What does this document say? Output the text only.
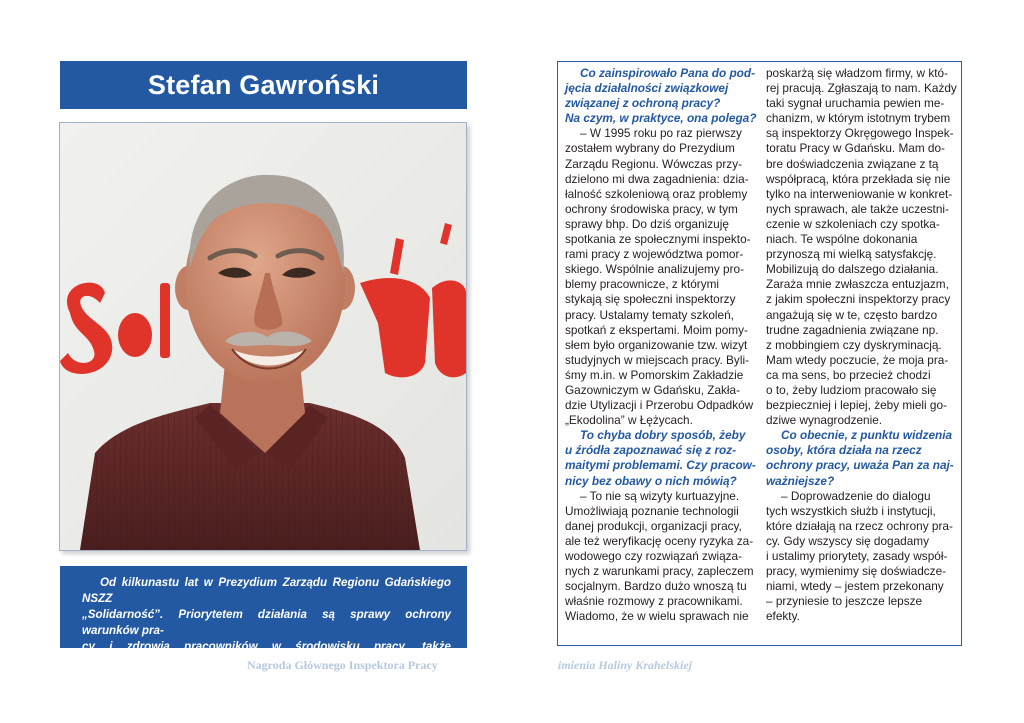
Stefan Gawroński

Od kilkunastu lat w Prezydium Zarządu Regionu Gdańskiego NSZZ
„Solidarność”. Priorytetem działania są sprawy ochrony warunków pra-
cy i zdrowia pracowników w środowisku pracy, także popularyzacja
przepisów prawa pracy i bezpieczeństwa pracy.

Nagroda Głównego Inspektora Pracy	imienia Haliny Krahelskiej
Co zainspirowało Pana do pod-
jęcia działalności związkowej
związanej z ochroną pracy?
Na czym, w praktyce, ona polega?
– W 1995 roku po raz pierwszy
zostałem wybrany do Prezydium
Zarządu Regionu. Wówczas przy-
dzielono mi dwa zagadnienia: dzia-
łalność szkoleniową oraz problemy
ochrony środowiska pracy, w tym
sprawy bhp. Do dziś organizuję
spotkania ze społecznymi inspekto-
rami pracy z województwa pomor-
skiego. Wspólnie analizujemy pro-
blemy pracownicze, z którymi
stykają się społeczni inspektorzy
pracy. Ustalamy tematy szkoleń,
spotkań z ekspertami. Moim pomy-
słem było organizowanie tzw. wizyt
studyjnych w miejscach pracy. Byli-
śmy m.in. w Pomorskim Zakładzie
Gazowniczym w Gdańsku, Zakła-
dzie Utylizacji i Przerobu Odpadków
„Ekodolina” w Łężycach.
To chyba dobry sposób, żeby
u źródła zapoznawać się z roz-
maitymi problemami. Czy pracow-
nicy bez obawy o nich mówią?
– To nie są wizyty kurtuazyjne.
Umożliwiają poznanie technologii
danej produkcji, organizacji pracy,
ale też weryfikację oceny ryzyka za-
wodowego czy rozwiązań związa-
nych z warunkami pracy, zapleczem
socjalnym. Bardzo dużo wnoszą tu
właśnie rozmowy z pracownikami.
Wiadomo, że w wielu sprawach nie
poskarżą się władzom firmy, w któ-
rej pracują. Zgłaszają to nam. Każdy
taki sygnał uruchamia pewien me-
chanizm, w którym istotnym trybem
są inspektorzy Okręgowego Inspek-
toratu Pracy w Gdańsku. Mam do-
bre doświadczenia związane z tą
współpracą, która przekłada się nie
tylko na interweniowanie w konkret-
nych sprawach, ale także uczestni-
czenie w szkoleniach czy spotka-
niach. Te wspólne dokonania
przynoszą mi wielką satysfakcję.
Mobilizują do dalszego działania.
Zaraża mnie zwłaszcza entuzjazm,
z jakim społeczni inspektorzy pracy
angażują się w te, często bardzo
trudne zagadnienia związane np.
z mobbingiem czy dyskryminacją.
Mam wtedy poczucie, że moja pra-
ca ma sens, bo przecież chodzi
o to, żeby ludziom pracowało się
bezpieczniej i lepiej, żeby mieli go-
dziwe wynagrodzenie.
Co obecnie, z punktu widzenia
osoby, która działa na rzecz
ochrony pracy, uważa Pan za naj-
ważniejsze?
– Doprowadzenie do dialogu
tych wszystkich służb i instytucji,
które działają na rzecz ochrony pra-
cy. Gdy wszyscy się dogadamy
i ustalimy priorytety, zasady współ-
pracy, wymienimy się doświadcze-
niami, wtedy – jestem przekonany
– przyniesie to jeszcze lepsze
efekty.
